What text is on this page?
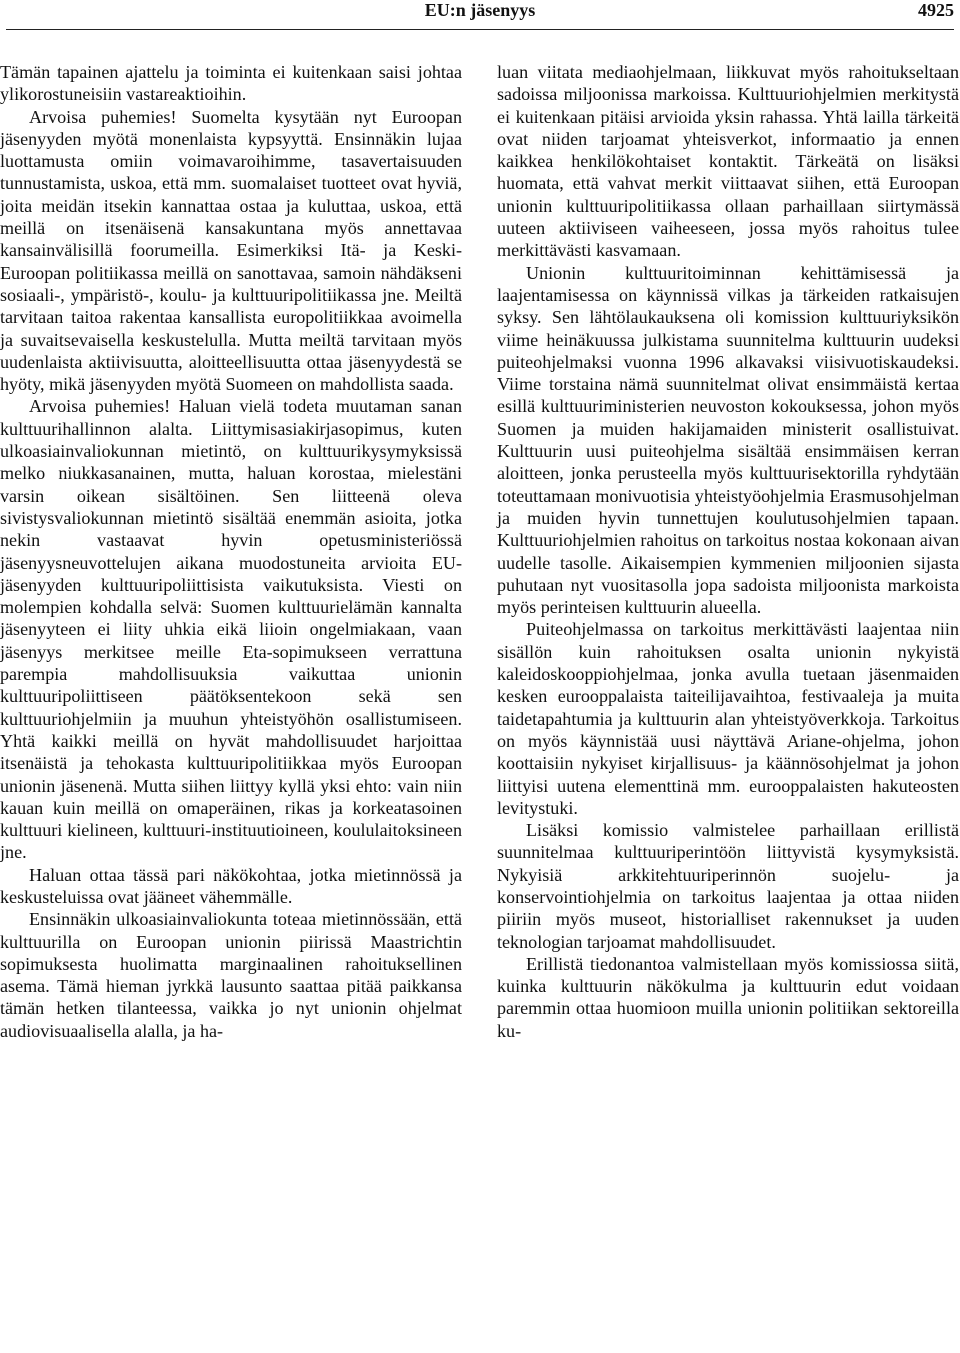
EU:n jäsenyys	4925

Tämän tapainen ajattelu ja toiminta ei kuitenkaan saisi johtaa ylikorostuneisiin vastareaktioihin.

Arvoisa puhemies! Suomelta kysytään nyt Euroopan jäsenyyden myötä monenlaista kypsyyttä. Ensinnäkin lujaa luottamusta omiin voimavaroihimme, tasavertaisuuden tunnustamista, uskoa, että mm. suomalaiset tuotteet ovat hyviä, joita meidän itsekin kannattaa ostaa ja kuluttaa, uskoa, että meillä on itsenäisenä kansakuntana myös annettavaa kansainvälisillä foorumeilla. Esimerkiksi Itä- ja Keski-Euroopan politiikassa meillä on sanottavaa, samoin nähdäkseni sosiaali-, ympäristö-, koulu- ja kulttuuripolitiikassa jne. Meiltä tarvitaan taitoa rakentaa kansallista europolitiikkaa avoimella ja suvaitsevaisella keskustelulla. Mutta meiltä tarvitaan myös uudenlaista aktiivisuutta, aloitteellisuutta ottaa jäsenyydestä se hyöty, mikä jäsenyyden myötä Suomeen on mahdollista saada.

Arvoisa puhemies! Haluan vielä todeta muutaman sanan kulttuurihallinnon alalta. Liittymisasiakirjasopimus, kuten ulkoasiainvaliokunnan mietintö, on kulttuurikysymyksissä melko niukkasanainen, mutta, haluan korostaa, mielestäni varsin oikean sisältöinen. Sen liitteenä oleva sivistysvaliokunnan mietintö sisältää enemmän asioita, jotka nekin vastaavat hyvin opetusministeriössä jäsenyysneuvottelujen aikana muodostuneita arvioita EU-jäsenyyden kulttuuripoliittisista vaikutuksista. Viesti on molempien kohdalla selvä: Suomen kulttuurielämän kannalta jäsenyyteen ei liity uhkia eikä liioin ongelmiakaan, vaan jäsenyys merkitsee meille Eta-sopimukseen verrattuna parempia mahdollisuuksia vaikuttaa unionin kulttuuripoliittiseen päätöksentekoon sekä sen kulttuuriohjelmiin ja muuhun yhteistyöhön osallistumiseen. Yhtä kaikki meillä on hyvät mahdollisuudet harjoittaa itsenäistä ja tehokasta kulttuuripolitiikkaa myös Euroopan unionin jäsenenä. Mutta siihen liittyy kyllä yksi ehto: vain niin kauan kuin meillä on omaperäinen, rikas ja korkeatasoinen kulttuuri kielineen, kulttuuri-instituutioineen, koululaitoksineen jne.

Haluan ottaa tässä pari näkökohtaa, jotka mietinnössä ja keskusteluissa ovat jääneet vähemmälle.

Ensinnäkin ulkoasiainvaliokunta toteaa mietinnössään, että kulttuurilla on Euroopan unionin piirissä Maastrichtin sopimuksesta huolimatta marginaalinen rahoituksellinen asema. Tämä hieman jyrkkä lausunto saattaa pitää paikkansa tämän hetken tilanteessa, vaikka jo nyt unionin ohjelmat audiovisuaalisella alalla, ja ha-

luan viitata mediaohjelmaan, liikkuvat myös rahoitukseltaan sadoissa miljoonissa markoissa. Kulttuuriohjelmien merkitystä ei kuitenkaan pitäisi arvioida yksin rahassa. Yhtä lailla tärkeitä ovat niiden tarjoamat yhteisverkot, informaatio ja ennen kaikkea henkilökohtaiset kontaktit. Tärkeätä on lisäksi huomata, että vahvat merkit viittaavat siihen, että Euroopan unionin kulttuuripolitiikassa ollaan parhaillaan siirtymässä uuteen aktiiviseen vaiheeseen, jossa myös rahoitus tulee merkittävästi kasvamaan.

Unionin kulttuuritoiminnan kehittämisessä ja laajentamisessa on käynnissä vilkas ja tärkeiden ratkaisujen syksy. Sen lähtölaukauksena oli komission kulttuuriyksikön viime heinäkuussa julkistama suunnitelma kulttuurin uudeksi puiteohjelmaksi vuonna 1996 alkavaksi viisivuotiskaudeksi. Viime torstaina nämä suunnitelmat olivat ensimmäistä kertaa esillä kulttuuriministerien neuvoston kokouksessa, johon myös Suomen ja muiden hakijamaiden ministerit osallistuivat. Kulttuurin uusi puiteohjelma sisältää ensimmäisen kerran aloitteen, jonka perusteella myös kulttuurisektorilla ryhdytään toteuttamaan monivuotisia yhteistyöohjelmia Erasmusohjelman ja muiden hyvin tunnettujen koulutusohjelmien tapaan. Kulttuuriohjelmien rahoitus on tarkoitus nostaa kokonaan aivan uudelle tasolle. Aikaisempien kymmenien miljoonien sijasta puhutaan nyt vuositasolla jopa sadoista miljoonista markoista myös perinteisen kulttuurin alueella.

Puiteohjelmassa on tarkoitus merkittävästi laajentaa niin sisällön kuin rahoituksen osalta unionin nykyistä kaleidoskooppiohjelmaa, jonka avulla tuetaan jäsenmaiden kesken eurooppalaista taiteilijavaihtoa, festivaaleja ja muita taidetapahtumia ja kulttuurin alan yhteistyöverkkoja. Tarkoitus on myös käynnistää uusi näyttävä Ariane-ohjelma, johon koottaisiin nykyiset kirjallisuus- ja käännösohjelmat ja johon liittyisi uutena elementtinä mm. eurooppalaisten hakuteosten levitystuki.

Lisäksi komissio valmistelee parhaillaan erillistä suunnitelmaa kulttuuriperintöön liittyvistä kysymyksistä. Nykyisiä arkkitehtuuriperinnön suojelu- ja konservointiohjelmia on tarkoitus laajentaa ja ottaa niiden piiriin myös museot, historialliset rakennukset ja uuden teknologian tarjoamat mahdollisuudet.

Erillistä tiedonantoa valmistellaan myös komissiossa siitä, kuinka kulttuurin näkökulma ja kulttuurin edut voidaan paremmin ottaa huomioon muilla unionin politiikan sektoreilla ku-
